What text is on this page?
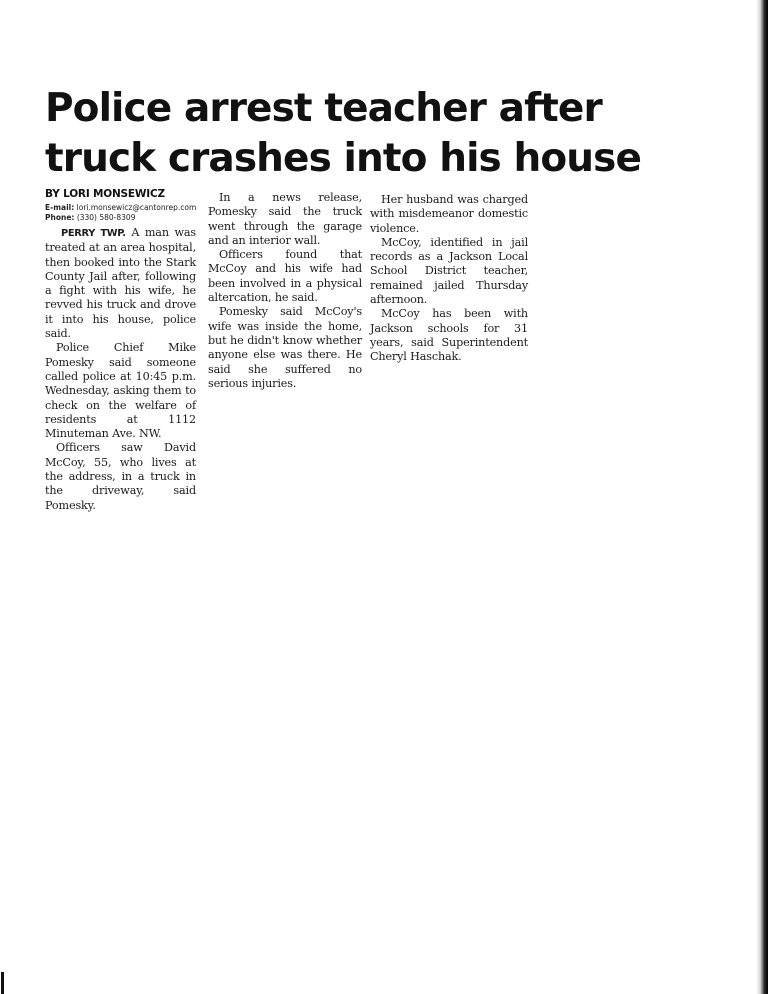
Police arrest teacher after
truck crashes into his house
BY LORI MONSEWICZ
E-mail: lori.monsewicz@cantonrep.com
Phone: (330) 580-8309

PERRY TWP. A man was treated at an area hospital, then booked into the Stark County Jail after, following a fight with his wife, he revved his truck and drove it into his house, police said.

Police Chief Mike Pomesky said someone called police at 10:45 p.m. Wednesday, asking them to check on the welfare of residents at 1112 Minuteman Ave. NW.

Officers saw David McCoy, 55, who lives at the address, in a truck in the driveway, said Pomesky.

In a news release, Pomesky said the truck went through the garage and an interior wall.

Officers found that McCoy and his wife had been involved in a physical altercation, he said.

Pomesky said McCoy's wife was inside the home, but he didn't know whether anyone else was there. He said she suffered no serious injuries.

Her husband was charged with misdemeanor domestic violence.

McCoy, identified in jail records as a Jackson Local School District teacher, remained jailed Thursday afternoon.

McCoy has been with Jackson schools for 31 years, said Superintendent Cheryl Haschak.
